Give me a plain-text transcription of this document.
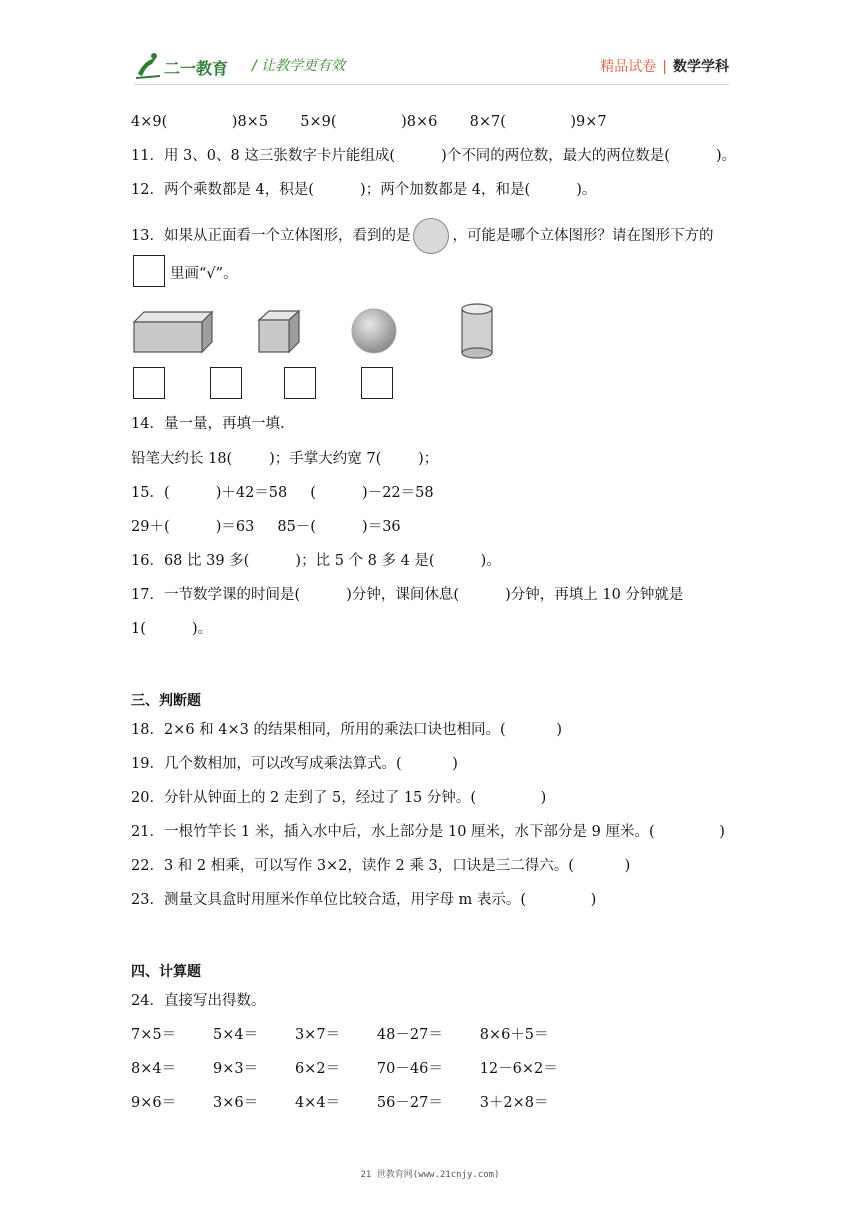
二一教育 / 让教学更有效	精品试卷 | 数学学科
4×9(              )8×5       5×9(              )8×6       8×7(              )9×7
11．用 3、0、8 这三张数字卡片能组成(          )个不同的两位数，最大的两位数是(          )。
12．两个乘数都是 4，积是(          )；两个加数都是 4，和是(          )。
13．如果从正面看一个立体图形，看到的是	，可能是哪个立体图形？请在图形下方的
里画“√”。
14．量一量，再填一填.
铅笔大约长 18(        )；手掌大约宽 7(        )；
15．(          )＋42＝58     (          )－22＝58
29＋(          )＝63     85－(          )＝36
16．68 比 39 多(          )；比 5 个 8 多 4 是(          )。
17．一节数学课的时间是(          )分钟，课间休息(          )分钟，再填上 10 分钟就是
1(          )。
三、判断题
18．2×6 和 4×3 的结果相同，所用的乘法口诀也相同。(           )
19．几个数相加，可以改写成乘法算式。(           )
20．分针从钟面上的 2 走到了 5，经过了 15 分钟。(              )
21．一根竹竿长 1 米，插入水中后，水上部分是 10 厘米，水下部分是 9 厘米。(              )
22．3 和 2 相乘，可以写作 3×2，读作 2 乘 3，口诀是三二得六。(           )
23．测量文具盒时用厘米作单位比较合适，用字母 m 表示。(              )
四、计算题
24．直接写出得数。
7×5＝        5×4＝        3×7＝        48－27＝        8×6＋5＝
8×4＝        9×3＝        6×2＝        70－46＝        12－6×2＝
9×6＝        3×6＝        4×4＝        56－27＝        3＋2×8＝
21 世教育网(www.21cnjy.com)
